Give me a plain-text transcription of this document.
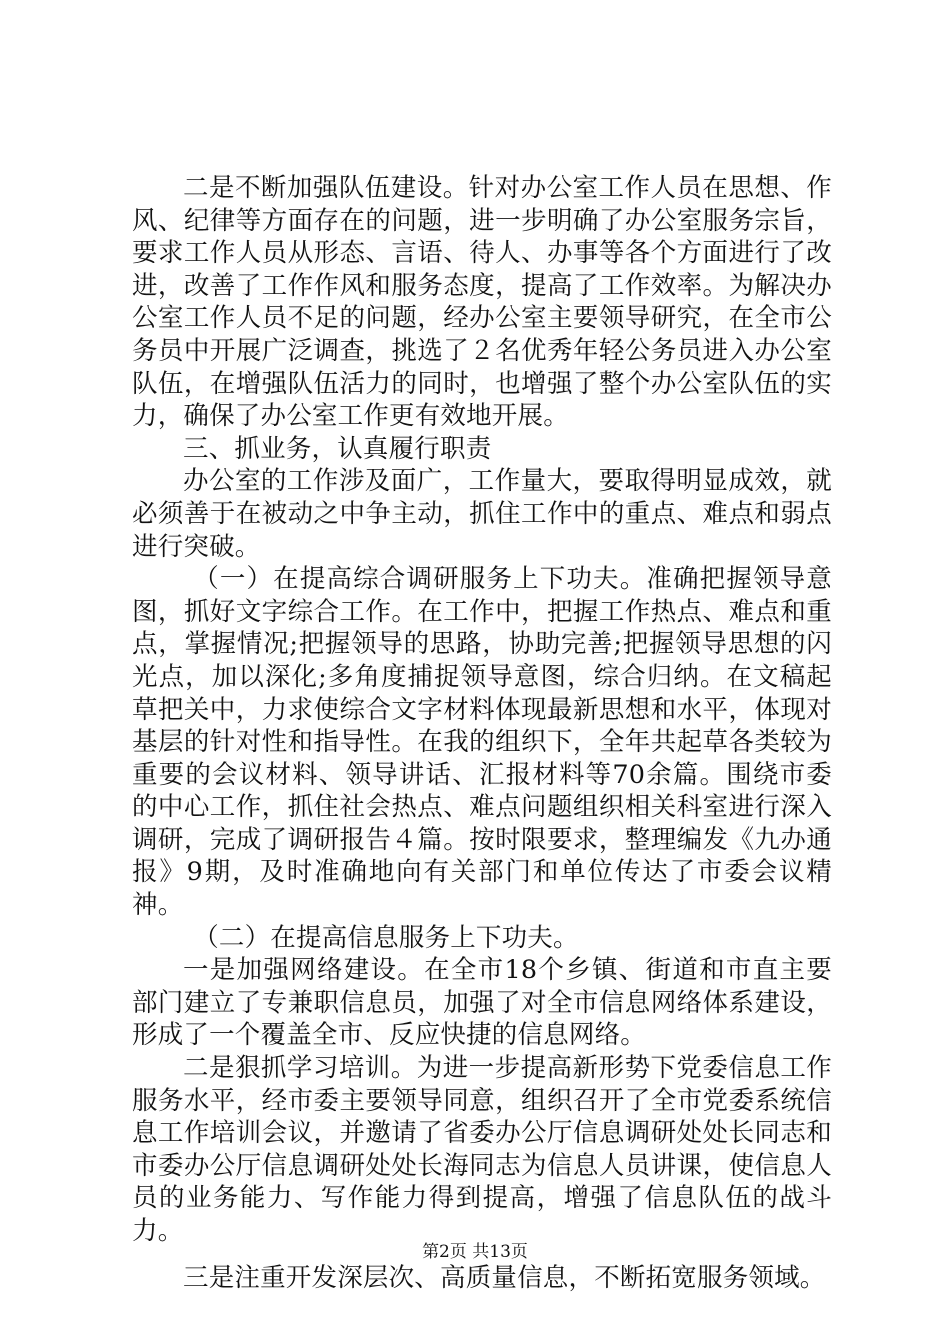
二是不断加强队伍建设。针对办公室工作人员在思想、作风、纪律等方面存在的问题，进一步明确了办公室服务宗旨，要求工作人员从形态、言语、待人、办事等各个方面进行了改进，改善了工作作风和服务态度，提高了工作效率。为解决办公室工作人员不足的问题，经办公室主要领导研究，在全市公务员中开展广泛调查，挑选了２名优秀年轻公务员进入办公室队伍，在增强队伍活力的同时，也增强了整个办公室队伍的实力，确保了办公室工作更有效地开展。

三、抓业务，认真履行职责

办公室的工作涉及面广，工作量大，要取得明显成效，就必须善于在被动之中争主动，抓住工作中的重点、难点和弱点进行突破。

（一）在提高综合调研服务上下功夫。准确把握领导意图，抓好文字综合工作。在工作中，把握工作热点、难点和重点，掌握情况;把握领导的思路，协助完善;把握领导思想的闪光点，加以深化;多角度捕捉领导意图，综合归纳。在文稿起草把关中，力求使综合文字材料体现最新思想和水平，体现对基层的针对性和指导性。在我的组织下，全年共起草各类较为重要的会议材料、领导讲话、汇报材料等70余篇。围绕市委的中心工作，抓住社会热点、难点问题组织相关科室进行深入调研，完成了调研报告４篇。按时限要求，整理编发《九办通报》9期，及时准确地向有关部门和单位传达了市委会议精神。

（二）在提高信息服务上下功夫。

一是加强网络建设。在全市18个乡镇、街道和市直主要部门建立了专兼职信息员，加强了对全市信息网络体系建设，形成了一个覆盖全市、反应快捷的信息网络。

二是狠抓学习培训。为进一步提高新形势下党委信息工作服务水平，经市委主要领导同意，组织召开了全市党委系统信息工作培训会议，并邀请了省委办公厅信息调研处处长同志和市委办公厅信息调研处处长海同志为信息人员讲课，使信息人员的业务能力、写作能力得到提高，增强了信息队伍的战斗力。

三是注重开发深层次、高质量信息，不断拓宽服务领域。

第2页 共13页
